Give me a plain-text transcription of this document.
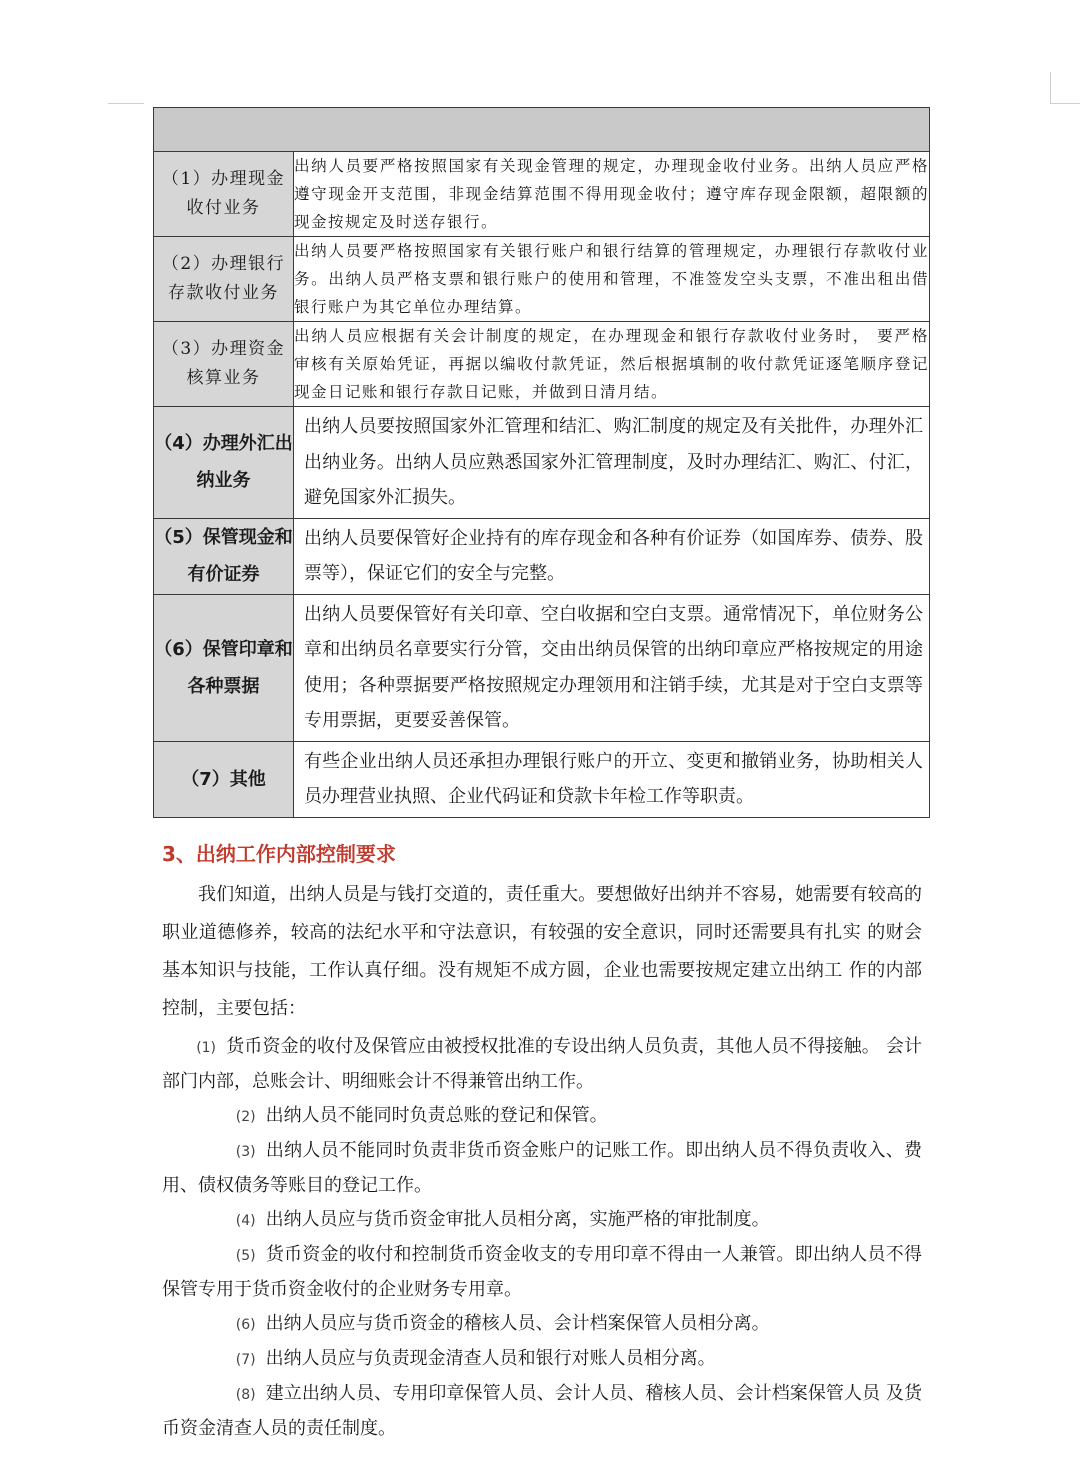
（1）办理现金收付业务	出纳人员要严格按照国家有关现金管理的规定，办理现金收付业务。出纳人员应严格遵守现金开支范围，非现金结算范围不得用现金收付；遵守库存现金限额，超限额的现金按规定及时送存银行。
（2）办理银行存款收付业务	出纳人员要严格按照国家有关银行账户和银行结算的管理规定，办理银行存款收付业务。出纳人员严格支票和银行账户的使用和管理，不准签发空头支票，不准出租出借银行账户为其它单位办理结算。
（3）办理资金核算业务	出纳人员应根据有关会计制度的规定，在办理现金和银行存款收付业务时， 要严格审核有关原始凭证，再据以编收付款凭证，然后根据填制的收付款凭证逐笔顺序登记现金日记账和银行存款日记账，并做到日清月结。
（4）办理外汇出纳业务	出纳人员要按照国家外汇管理和结汇、购汇制度的规定及有关批件，办理外汇出纳业务。出纳人员应熟悉国家外汇管理制度，及时办理结汇、购汇、付汇，避免国家外汇损失。
（5）保管现金和有价证券	出纳人员要保管好企业持有的库存现金和各种有价证券（如国库券、债券、股票等），保证它们的安全与完整。
（6）保管印章和各种票据	出纳人员要保管好有关印章、空白收据和空白支票。通常情况下，单位财务公章和出纳员名章要实行分管，交由出纳员保管的出纳印章应严格按规定的用途使用；各种票据要严格按照规定办理领用和注销手续，尤其是对于空白支票等专用票据，更要妥善保管。
（7）其他	有些企业出纳人员还承担办理银行账户的开立、变更和撤销业务，协助相关人员办理营业执照、企业代码证和贷款卡年检工作等职责。
3、出纳工作内部控制要求

我们知道，出纳人员是与钱打交道的，责任重大。要想做好出纳并不容易，她需要有较高的职业道德修养，较高的法纪水平和守法意识，有较强的安全意识，同时还需要具有扎实 的财会基本知识与技能，工作认真仔细。没有规矩不成方圆，企业也需要按规定建立出纳工 作的内部控制，主要包括：

(1) 货币资金的收付及保管应由被授权批准的专设出纳人员负责，其他人员不得接触。 会计部门内部，总账会计、明细账会计不得兼管出纳工作。

(2) 出纳人员不能同时负责总账的登记和保管。

(3) 出纳人员不能同时负责非货币资金账户的记账工作。即出纳人员不得负责收入、费用、债权债务等账目的登记工作。

(4) 出纳人员应与货币资金审批人员相分离，实施严格的审批制度。

(5) 货币资金的收付和控制货币资金收支的专用印章不得由一人兼管。即出纳人员不得保管专用于货币资金收付的企业财务专用章。

(6) 出纳人员应与货币资金的稽核人员、会计档案保管人员相分离。

(7) 出纳人员应与负责现金清查人员和银行对账人员相分离。

(8) 建立出纳人员、专用印章保管人员、会计人员、稽核人员、会计档案保管人员 及货币资金清查人员的责任制度。
